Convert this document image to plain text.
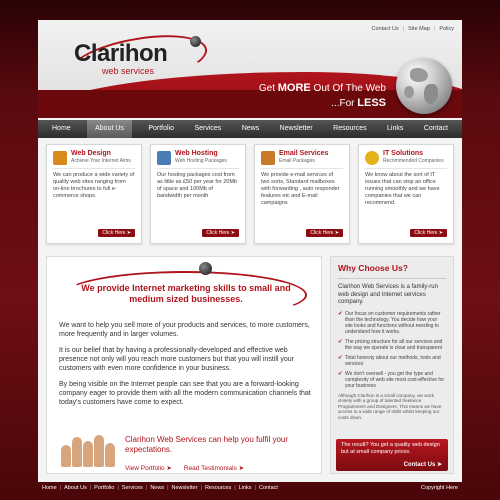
Contact Us | Site Map | Policy
Clarihon
web services
Get MORE Out Of The Web
...For LESS
Home	About Us	Portfolio	Services	News	Newsletter	Resources	Links	Contact
Web Design
Achieve Your Internet Aims
We can produce a wide variety of quality web sites ranging from on-line brochures to full e-commerce shops.
Click Here ➤
Web Hosting
Web Hosting Packages
Our hosting packages cost from as little as £50 per year for 20Mb of space and 100Mb of bandwidth per month
Click Here ➤
Email Services
Email Packages
We provide e-mail services of two sorts, Standard mailboxes with forwarding , auto responder features etc and E-mail campaigns
Click Here ➤
IT Solutions
Recommended Companies
We know about the sort of IT issues that can stop an office running smoothly and we have companies that we can recommend.
Click Here ➤
We provide Internet marketing skills to small and medium sized businesses.

We want to help you sell more of your products and services, to more customers, more frequently and in larger volumes.

It is our belief that by having a professionally-developed and effective web presence not only will you reach more customers but that you will instill your customers with even more confidence in your business.

By being visible on the Internet people can see that you are a forward-looking company eager to provide them with all the modern communication channels that today's customers have come to expect.

Clarihon Web Services can help you fulfil your expectations.
View Portfolio ➤ Read Testimonials ➤
Why Choose Us?
Clarihon Web Services is a family-run web design and Internet services company.
✔ Our focus on customer requirements rather than the technology. You decide how your site looks and functions without needing to understand how it works.
✔ The pricing structure for all our services and the way we operate is clear and transparent
✔ Total honesty about our methods, tools and services
✔ We don't oversell - you get the type and complexity of web site most cost-effective for your business
Although Clarihon is a small company, we work closely with a group of talented freelance Programmers and Designers. This means we have access to a wide range of skills whilst keeping our costs down.
The result? You get a quality web design but at small company prices.
Contact Us ➤
Home | About Us | Portfolio | Services | News | Newsletter | Resources | Links | Contact	Copyright Here
